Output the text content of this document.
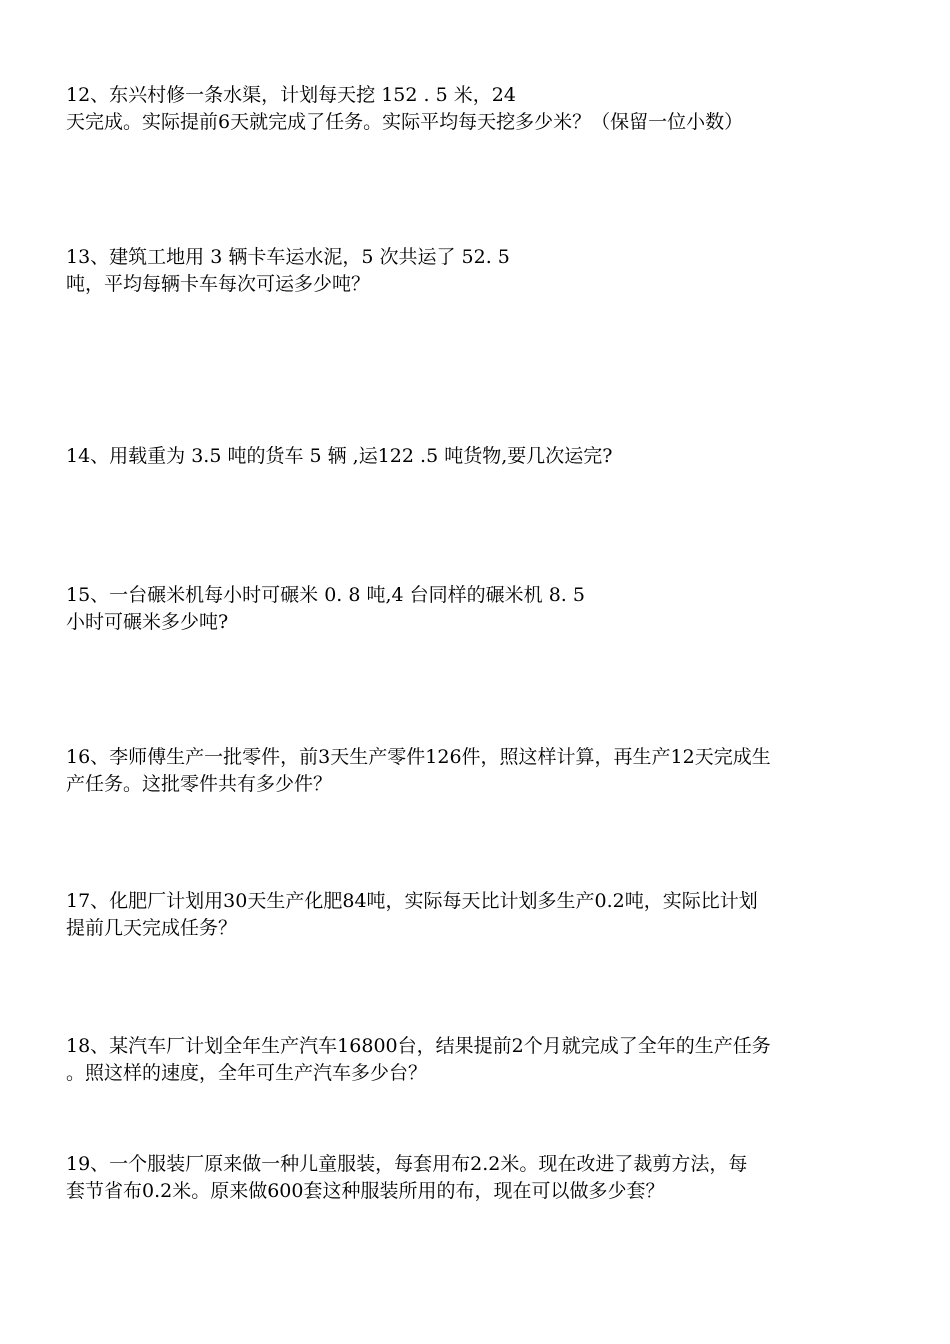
12、东兴村修一条水渠，计划每天挖 152 . 5 米，24
天完成。实际提前6天就完成了任务。实际平均每天挖多少米？（保留一位小数）
13、建筑工地用 3 辆卡车运水泥，5 次共运了 52. 5
吨，平均每辆卡车每次可运多少吨？
14、用载重为 3.5 吨的货车 5 辆 ,运122 .5 吨货物,要几次运完?
15、一台碾米机每小时可碾米 0. 8 吨,4 台同样的碾米机 8. 5
小时可碾米多少吨?
16、李师傅生产一批零件，前3天生产零件126件，照这样计算，再生产12天完成生
产任务。这批零件共有多少件？
17、化肥厂计划用30天生产化肥84吨，实际每天比计划多生产0.2吨，实际比计划
提前几天完成任务？
18、某汽车厂计划全年生产汽车16800台，结果提前2个月就完成了全年的生产任务
。照这样的速度，全年可生产汽车多少台？
19、一个服装厂原来做一种儿童服装，每套用布2.2米。现在改进了裁剪方法，每
套节省布0.2米。原来做600套这种服装所用的布，现在可以做多少套？
